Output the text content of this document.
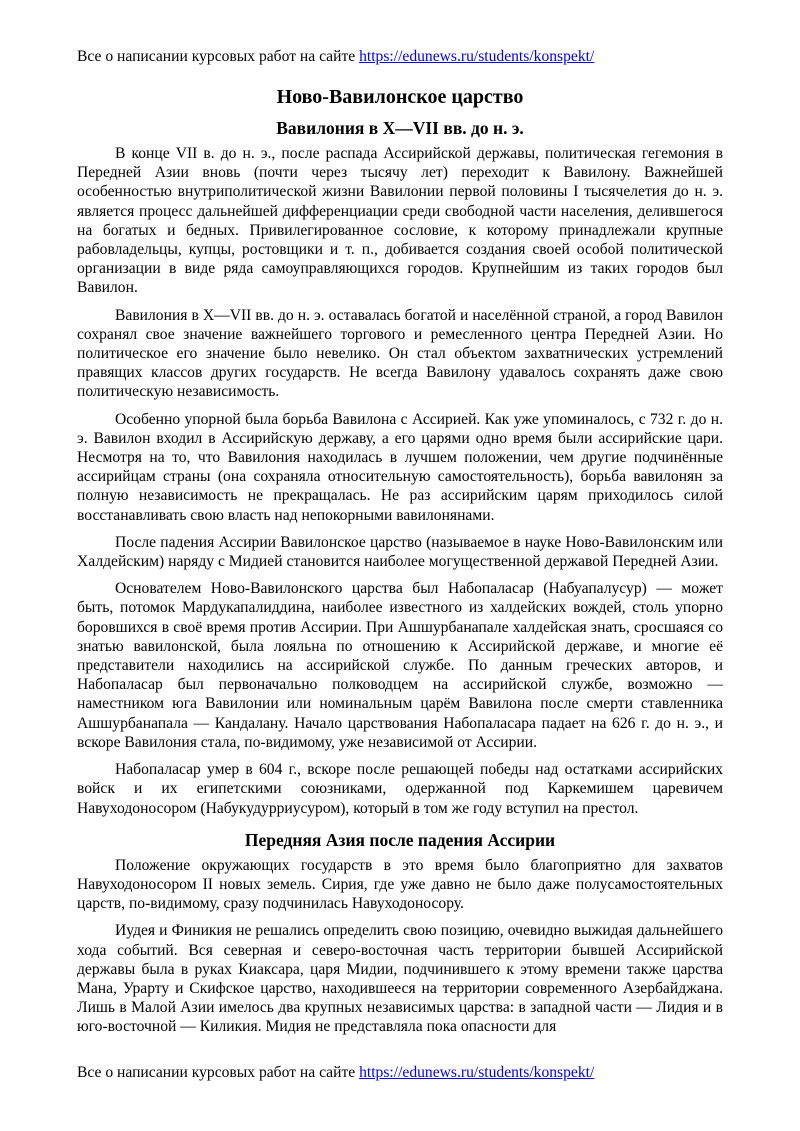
Все о написании курсовых работ на сайте https://edunews.ru/students/konspekt/
Ново-Вавилонское царство
Вавилония в X—VII вв. до н. э.

В конце VII в. до н. э., после распада Ассирийской державы, политическая гегемония в Передней Азии вновь (почти через тысячу лет) переходит к Вавилону. Важнейшей особенностью внутриполитической жизни Вавилонии первой половины I тысячелетия до н. э. является процесс дальнейшей дифференциации среди свободной части населения, делившегося на богатых и бедных. Привилегированное сословие, к которому принадлежали крупные рабовладельцы, купцы, ростовщики и т. п., добивается создания своей особой политической организации в виде ряда самоуправляющихся городов. Крупнейшим из таких городов был Вавилон.

Вавилония в X—VII вв. до н. э. оставалась богатой и населённой страной, а город Вавилон сохранял свое значение важнейшего торгового и ремесленного центра Передней Азии. Но политическое его значение было невелико. Он стал объектом захватнических устремлений правящих классов других государств. Не всегда Вавилону удавалось сохранять даже свою политическую независимость.

Особенно упорной была борьба Вавилона с Ассирией. Как уже упоминалось, с 732 г. до н. э. Вавилон входил в Ассирийскую державу, а его царями одно время были ассирийские цари. Несмотря на то, что Вавилония находилась в лучшем положении, чем другие подчинённые ассирийцам страны (она сохраняла относительную самостоятельность), борьба вавилонян за полную независимость не прекращалась. Не раз ассирийским царям приходилось силой восстанавливать свою власть над непокорными вавилонянами.

После падения Ассирии Вавилонское царство (называемое в науке Ново-Вавилонским или Халдейским) наряду с Мидией становится наиболее могущественной державой Передней Азии.

Основателем Ново-Вавилонского царства был Набопаласар (Набуапалусур) — может быть, потомок Мардукапалиддина, наиболее известного из халдейских вождей, столь упорно боровшихся в своё время против Ассирии. При Ашшурбанапале халдейская знать, сросшаяся со знатью вавилонской, была лояльна по отношению к Ассирийской державе, и многие её представители находились на ассирийской службе. По данным греческих авторов, и Набопаласар был первоначально полководцем на ассирийской службе, возможно — наместником юга Вавилонии или номинальным царём Вавилона после смерти ставленника Ашшурбанапала — Кандалану. Начало царствования Набопаласара падает на 626 г. до н. э., и вскоре Вавилония стала, по-видимому, уже независимой от Ассирии.

Набопаласар умер в 604 г., вскоре после решающей победы над остатками ассирийских войск и их египетскими союзниками, одержанной под Каркемишем царевичем Навуходоносором (Набукудурриусуром), который в том же году вступил на престол.

Передняя Азия после падения Ассирии

Положение окружающих государств в это время было благоприятно для захватов Навуходоносором II новых земель. Сирия, где уже давно не было даже полусамостоятельных царств, по-видимому, сразу подчинилась Навуходоносору.

Иудея и Финикия не решались определить свою позицию, очевидно выжидая дальнейшего хода событий. Вся северная и северо-восточная часть территории бывшей Ассирийской державы была в руках Киаксара, царя Мидии, подчинившего к этому времени также царства Мана, Урарту и Скифское царство, находившееся на территории современного Азербайджана. Лишь в Малой Азии имелось два крупных независимых царства: в западной части — Лидия и в юго-восточной — Киликия. Мидия не представляла пока опасности для

Все о написании курсовых работ на сайте https://edunews.ru/students/konspekt/
